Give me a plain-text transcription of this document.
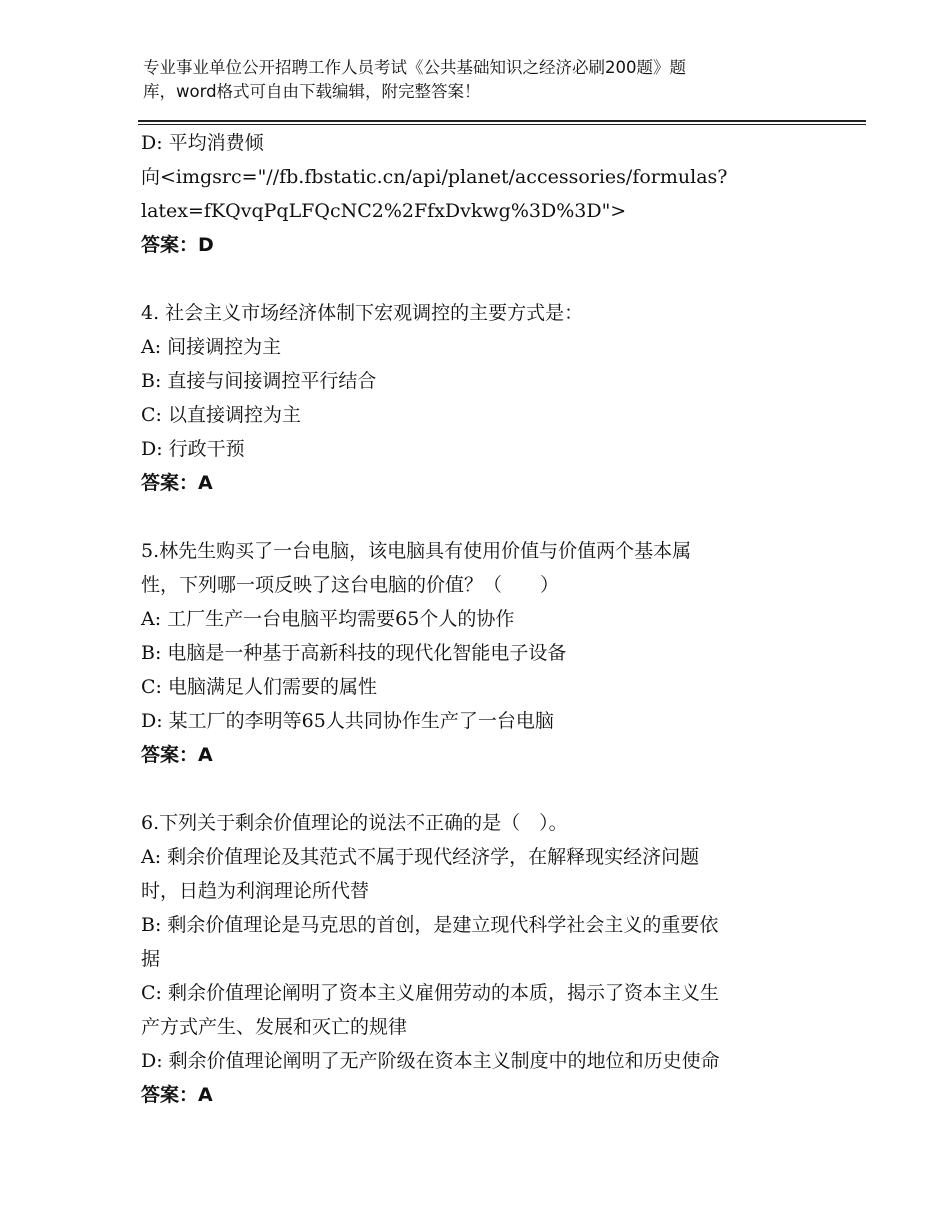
专业事业单位公开招聘工作人员考试《公共基础知识之经济必刷200题》题
库，word格式可自由下载编辑，附完整答案！
D: 平均消费倾
向<imgsrc="//fb.fbstatic.cn/api/planet/accessories/formulas?
latex=fKQvqPqLFQcNC2%2FfxDvkwg%3D%3D">
答案：D
4. 社会主义市场经济体制下宏观调控的主要方式是：
A: 间接调控为主
B: 直接与间接调控平行结合
C: 以直接调控为主
D: 行政干预
答案：A
5.林先生购买了一台电脑，该电脑具有使用价值与价值两个基本属
性，下列哪一项反映了这台电脑的价值？（　　）
A: 工厂生产一台电脑平均需要65个人的协作
B: 电脑是一种基于高新科技的现代化智能电子设备
C: 电脑满足人们需要的属性
D: 某工厂的李明等65人共同协作生产了一台电脑
答案：A
6.下列关于剩余价值理论的说法不正确的是（　）。
A: 剩余价值理论及其范式不属于现代经济学，在解释现实经济问题
时，日趋为利润理论所代替
B: 剩余价值理论是马克思的首创，是建立现代科学社会主义的重要依
据
C: 剩余价值理论阐明了资本主义雇佣劳动的本质，揭示了资本主义生
产方式产生、发展和灭亡的规律
D: 剩余价值理论阐明了无产阶级在资本主义制度中的地位和历史使命
答案：A
